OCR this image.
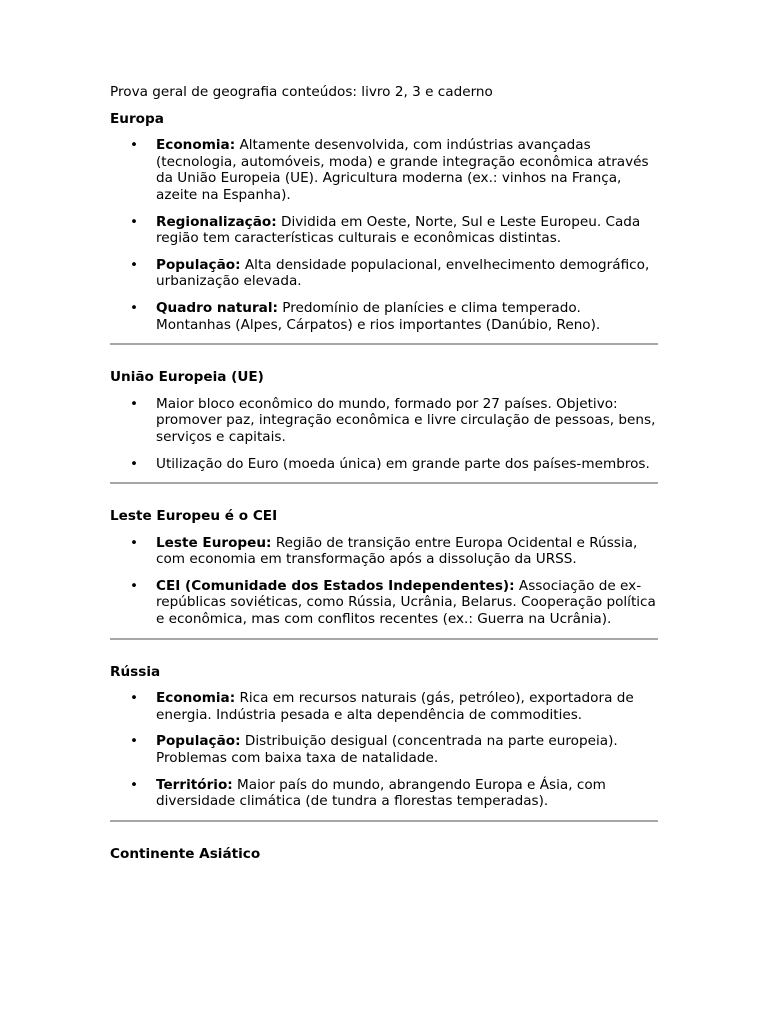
Prova geral de geografia conteúdos: livro 2, 3 e caderno

Europa

• Economia: Altamente desenvolvida, com indústrias avançadas (tecnologia, automóveis, moda) e grande integração econômica através da União Europeia (UE). Agricultura moderna (ex.: vinhos na França, azeite na Espanha).
• Regionalização: Dividida em Oeste, Norte, Sul e Leste Europeu. Cada região tem características culturais e econômicas distintas.
• População: Alta densidade populacional, envelhecimento demográfico, urbanização elevada.
• Quadro natural: Predomínio de planícies e clima temperado. Montanhas (Alpes, Cárpatos) e rios importantes (Danúbio, Reno).

União Europeia (UE)

• Maior bloco econômico do mundo, formado por 27 países. Objetivo: promover paz, integração econômica e livre circulação de pessoas, bens, serviços e capitais.
• Utilização do Euro (moeda única) em grande parte dos países-membros.

Leste Europeu é o CEI

• Leste Europeu: Região de transição entre Europa Ocidental e Rússia, com economia em transformação após a dissolução da URSS.
• CEI (Comunidade dos Estados Independentes): Associação de ex-repúblicas soviéticas, como Rússia, Ucrânia, Belarus. Cooperação política e econômica, mas com conflitos recentes (ex.: Guerra na Ucrânia).

Rússia

• Economia: Rica em recursos naturais (gás, petróleo), exportadora de energia. Indústria pesada e alta dependência de commodities.
• População: Distribuição desigual (concentrada na parte europeia). Problemas com baixa taxa de natalidade.
• Território: Maior país do mundo, abrangendo Europa e Ásia, com diversidade climática (de tundra a florestas temperadas).

Continente Asiático
